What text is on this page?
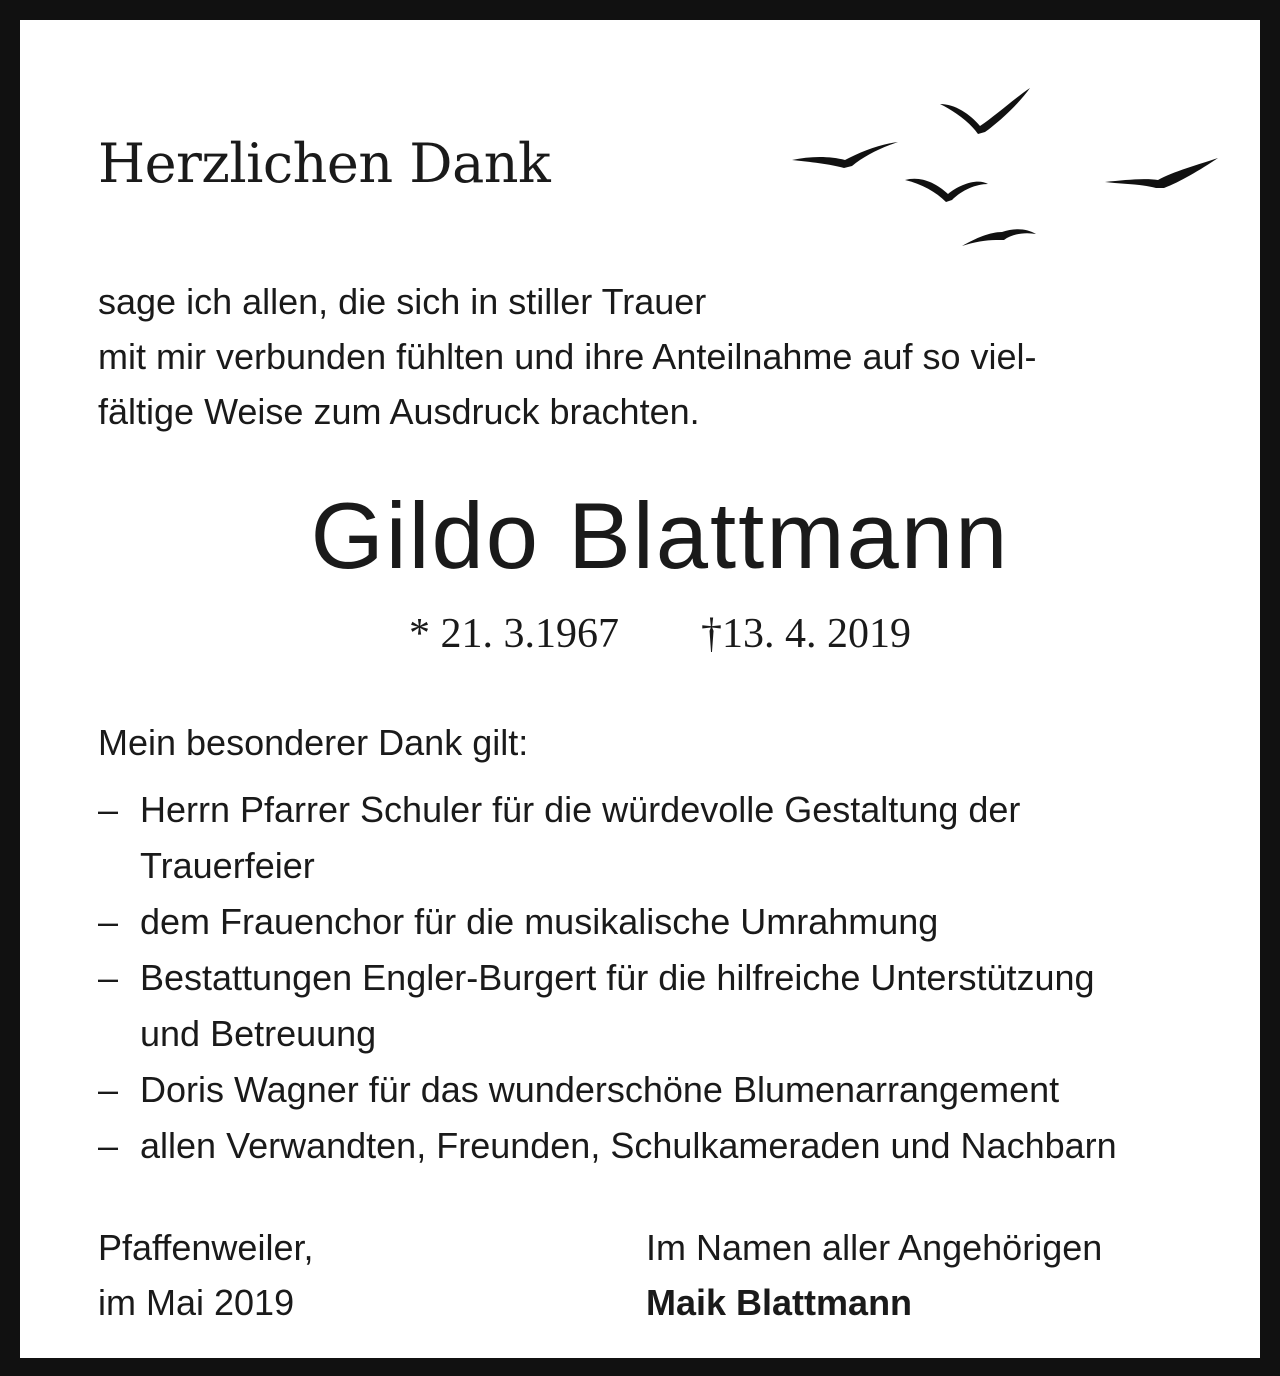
Herzlichen Dank

sage ich allen, die sich in stiller Trauer
mit mir verbunden fühlten und ihre Anteilnahme auf so viel-
fältige Weise zum Ausdruck brachten.

Gildo Blattmann
* 21. 3.1967 †13. 4. 2019

Mein besonderer Dank gilt:

– Herrn Pfarrer Schuler für die würdevolle Gestaltung der
Trauerfeier
– dem Frauenchor für die musikalische Umrahmung
– Bestattungen Engler-Burgert für die hilfreiche Unterstützung
und Betreuung
– Doris Wagner für das wunderschöne Blumenarrangement
– allen Verwandten, Freunden, Schulkameraden und Nachbarn
Pfaffenweiler,
im Mai 2019
Im Namen aller Angehörigen
Maik Blattmann
